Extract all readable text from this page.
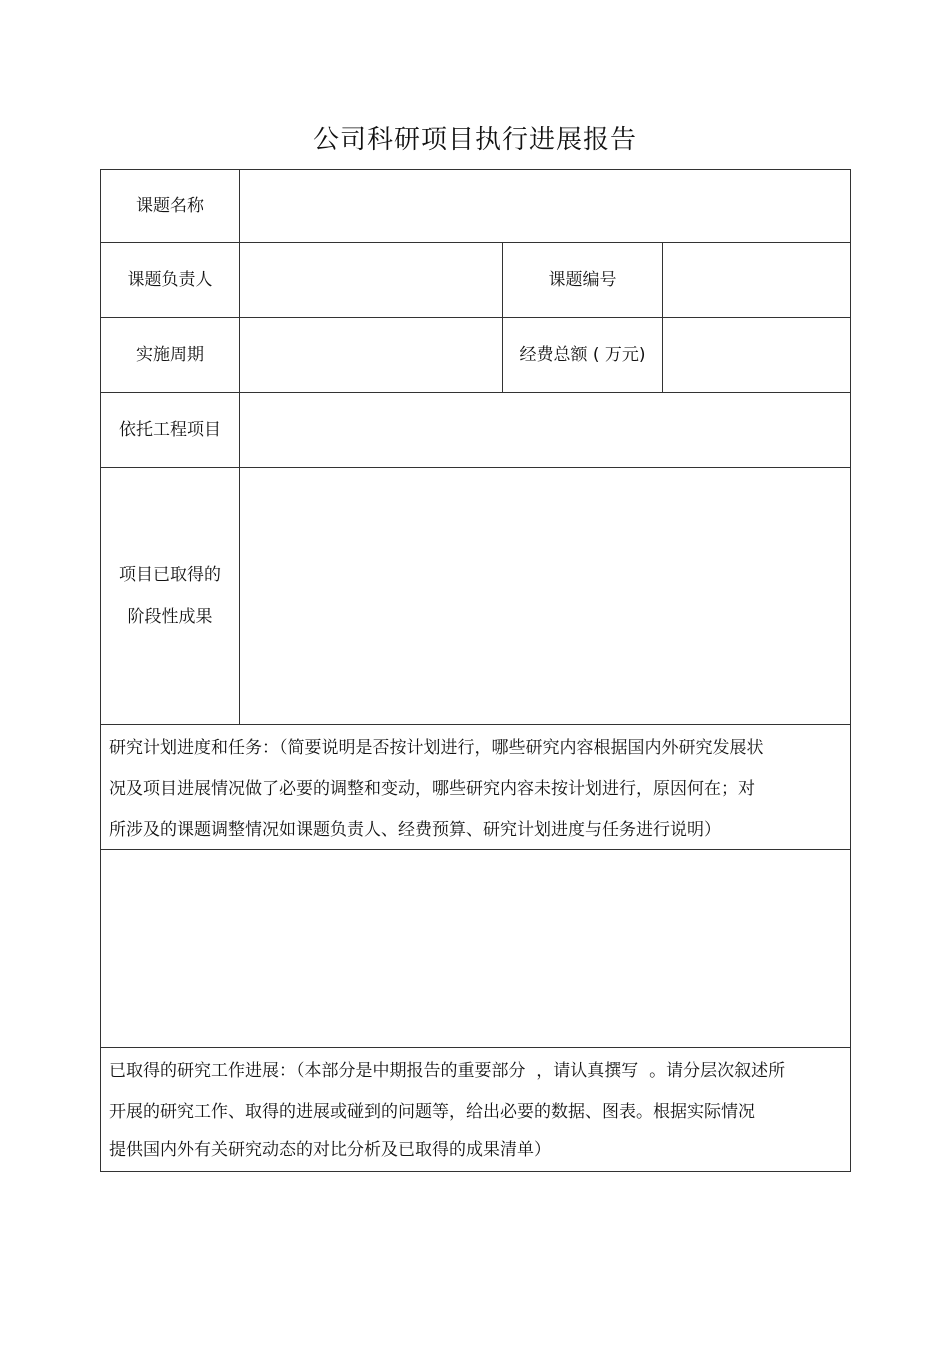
公司科研项目执行进展报告
课题名称
课题负责人	课题编号
实施周期	经费总额 ( 万元)
依托工程项目
项目已取得的
阶段性成果
研究计划进度和任务：（简要说明是否按计划进行，哪些研究内容根据国内外研究发展状
况及项目进展情况做了必要的调整和变动，哪些研究内容未按计划进行，原因何在；对
所涉及的课题调整情况如课题负责人、经费预算、研究计划进度与任务进行说明）
已取得的研究工作进展：（本部分是中期报告的重要部分  ，请认真撰写  。请分层次叙述所
开展的研究工作、取得的进展或碰到的问题等，给出必要的数据、图表。根据实际情况
提供国内外有关研究动态的对比分析及已取得的成果清单）
